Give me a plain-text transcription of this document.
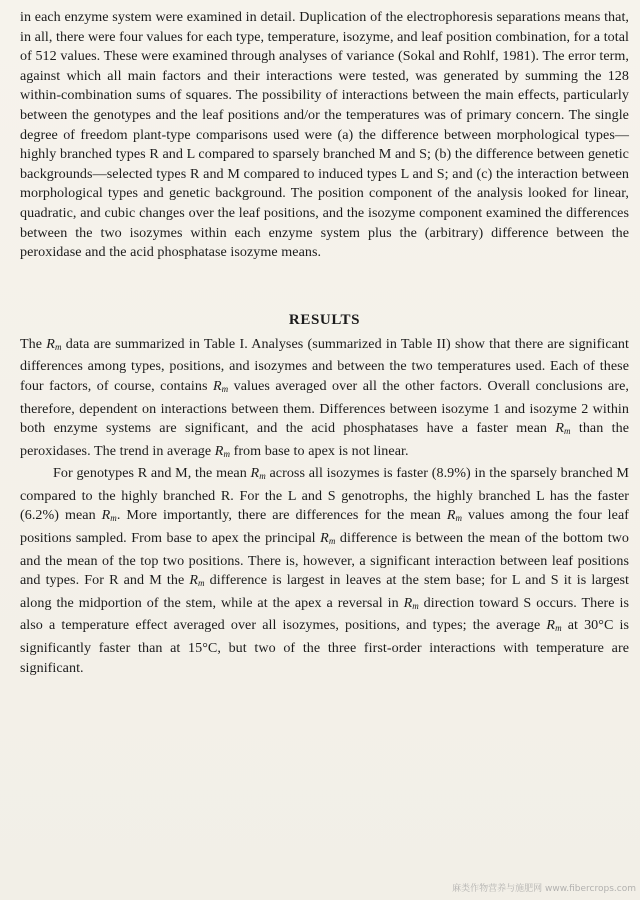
in each enzyme system were examined in detail. Duplication of the electrophoresis separations means that, in all, there were four values for each type, temperature, isozyme, and leaf position combination, for a total of 512 values. These were examined through analyses of variance (Sokal and Rohlf, 1981). The error term, against which all main factors and their interactions were tested, was generated by summing the 128 within-combination sums of squares. The possibility of interactions between the main effects, particularly between the genotypes and the leaf positions and/or the temperatures was of primary concern. The single degree of freedom plant-type comparisons used were (a) the difference between morphological types—highly branched types R and L compared to sparsely branched M and S; (b) the difference between genetic backgrounds—selected types R and M compared to induced types L and S; and (c) the interaction between morphological types and genetic background. The position component of the analysis looked for linear, quadratic, and cubic changes over the leaf positions, and the isozyme component examined the differences between the two isozymes within each enzyme system plus the (arbitrary) difference between the peroxidase and the acid phosphatase isozyme means.

RESULTS

The $R_m$ data are summarized in Table I. Analyses (summarized in Table II) show that there are significant differences among types, positions, and isozymes and between the two temperatures used. Each of these four factors, of course, contains $R_m$ values averaged over all the other factors. Overall conclusions are, therefore, dependent on interactions between them. Differences between isozyme 1 and isozyme 2 within both enzyme systems are significant, and the acid phosphatases have a faster mean $R_m$ than the peroxidases. The trend in average $R_m$ from base to apex is not linear.

For genotypes R and M, the mean $R_m$ across all isozymes is faster (8.9%) in the sparsely branched M compared to the highly branched R. For the L and S genotrophs, the highly branched L has the faster (6.2%) mean $R_m$. More importantly, there are differences for the mean $R_m$ values among the four leaf positions sampled. From base to apex the principal $R_m$ difference is between the mean of the bottom two and the mean of the top two positions. There is, however, a significant interaction between leaf positions and types. For R and M the $R_m$ difference is largest in leaves at the stem base; for L and S it is largest along the midportion of the stem, while at the apex a reversal in $R_m$ direction toward S occurs. There is also a temperature effect averaged over all isozymes, positions, and types; the average $R_m$ at 30°C is significantly faster than at 15°C, but two of the three first-order interactions with temperature are significant.

麻类作物营养与施肥网 www.fibercrops.com
